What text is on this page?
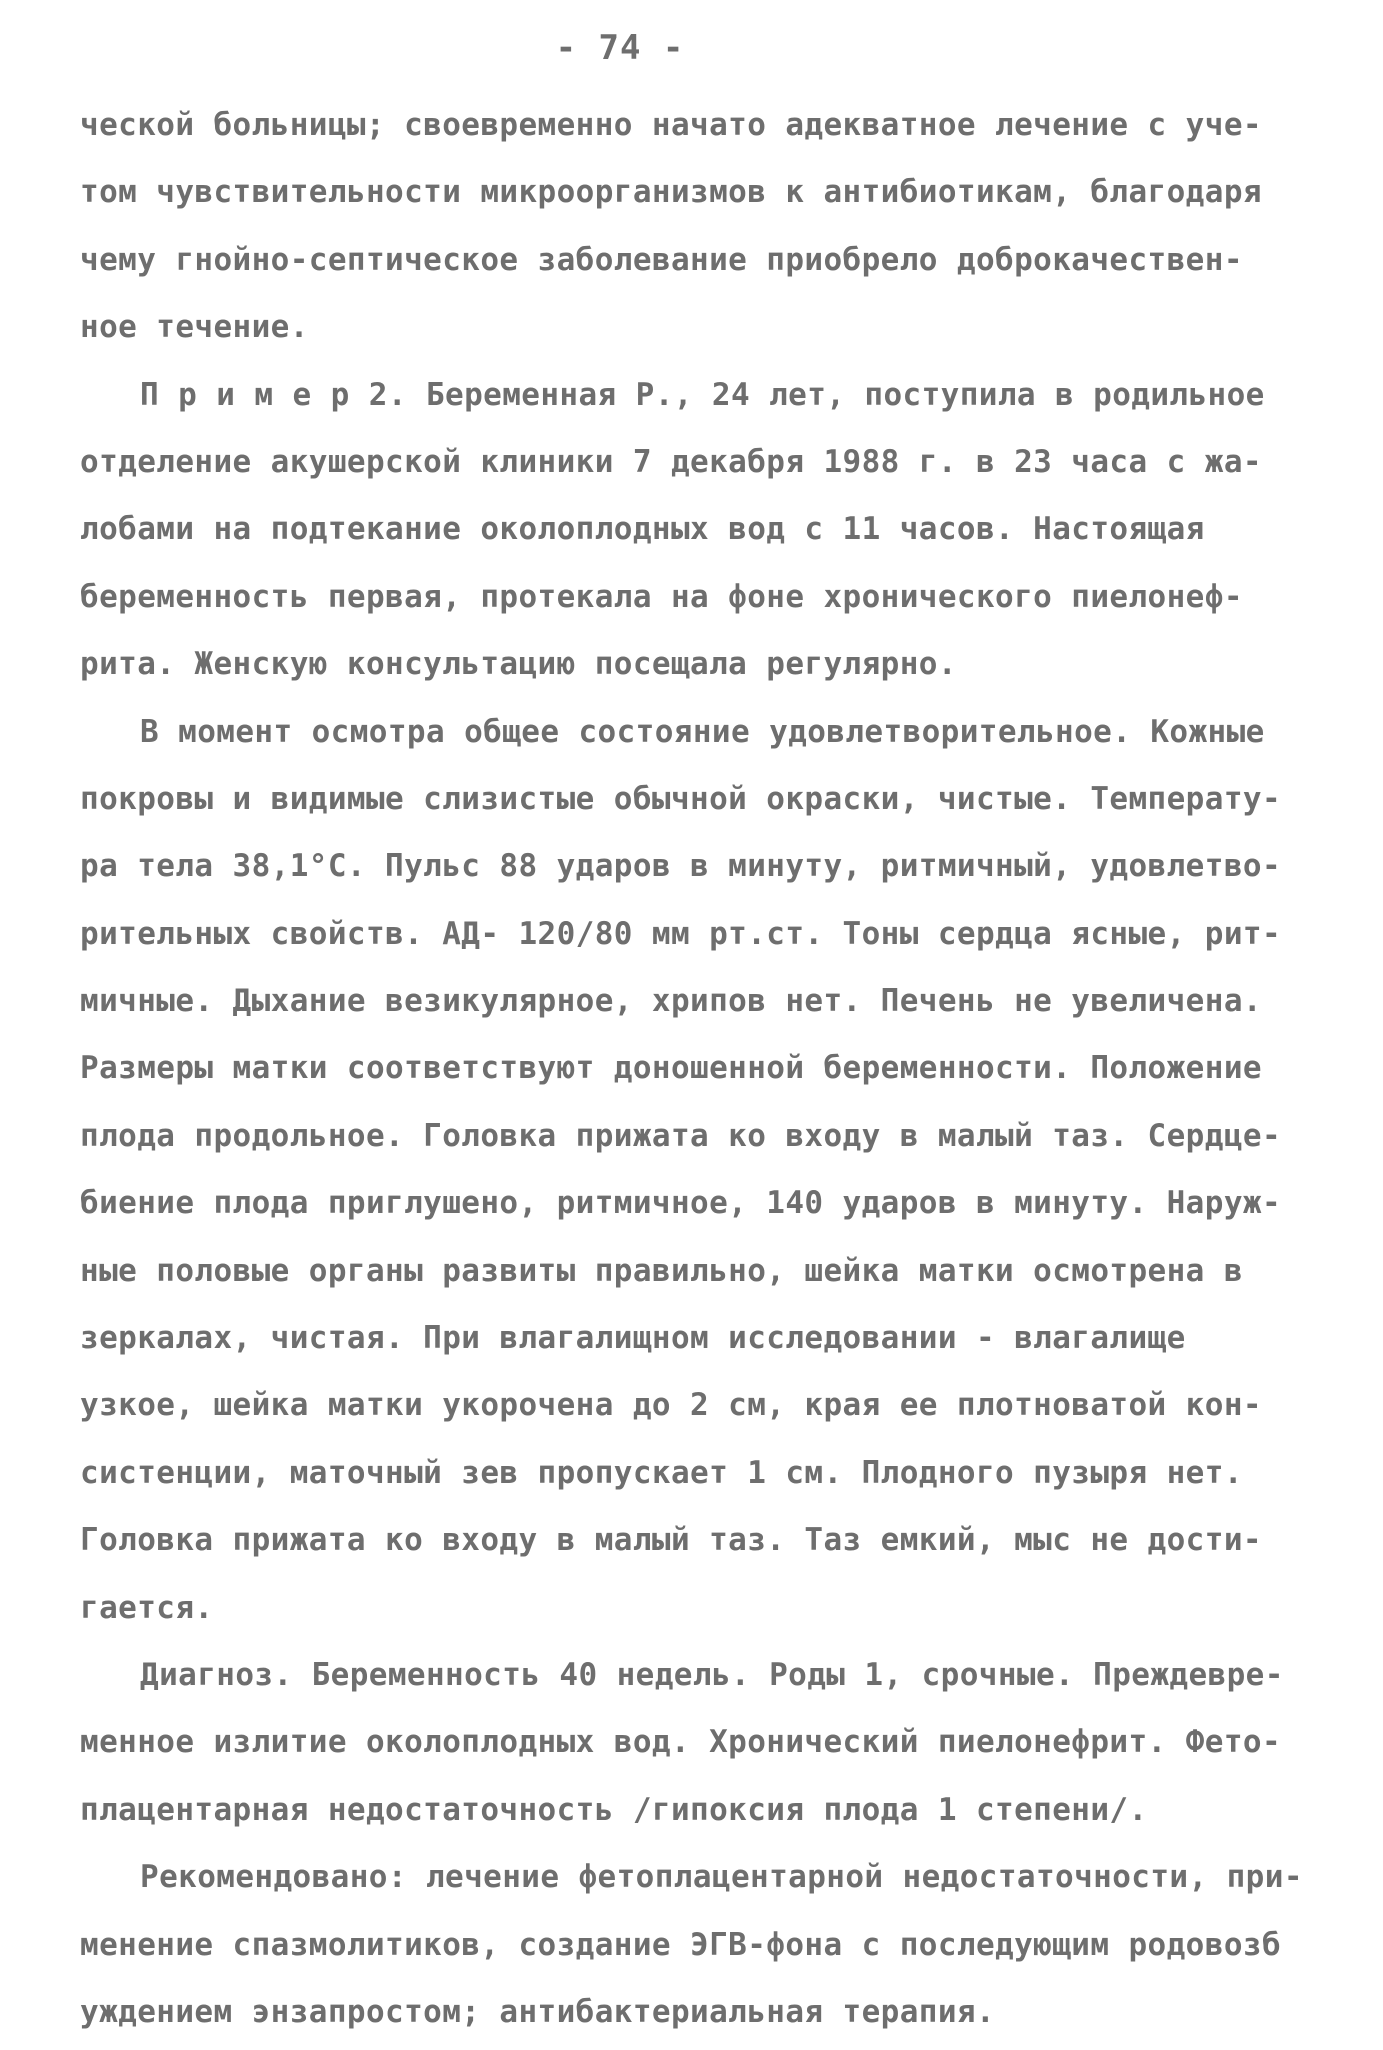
- 74 -
ческой больницы; своевременно начато адекватное лечение с уче-
том чувствительности микроорганизмов к антибиотикам, благодаря
чему гнойно-септическое заболевание приобрело доброкачествен-
ное течение.
П р и м е р 2. Беременная Р., 24 лет, поступила в родильное
отделение акушерской клиники 7 декабря 1988 г. в 23 часа с жа-
лобами на подтекание околоплодных вод с 11 часов. Настоящая
беременность первая, протекала на фоне хронического пиелонеф-
рита. Женскую консультацию посещала регулярно.
В момент осмотра общее состояние удовлетворительное. Кожные
покровы и видимые слизистые обычной окраски, чистые. Температу-
ра тела 38,1°С. Пульс 88 ударов в минуту, ритмичный, удовлетво-
рительных свойств. АД- 120/80 мм рт.ст. Тоны сердца ясные, рит-
мичные. Дыхание везикулярное, хрипов нет. Печень не увеличена.
Размеры матки соответствуют доношенной беременности. Положение
плода продольное. Головка прижата ко входу в малый таз. Сердце-
биение плода приглушено, ритмичное, 140 ударов в минуту. Наруж-
ные половые органы развиты правильно, шейка матки осмотрена в
зеркалах, чистая. При влагалищном исследовании - влагалище
узкое, шейка матки укорочена до 2 см, края ее плотноватой кон-
систенции, маточный зев пропускает 1 см. Плодного пузыря нет.
Головка прижата ко входу в малый таз. Таз емкий, мыс не дости-
гается.
Диагноз. Беременность 40 недель. Роды 1, срочные. Преждевре-
менное излитие околоплодных вод. Хронический пиелонефрит. Фето-
плацентарная недостаточность /гипоксия плода 1 степени/.
Рекомендовано: лечение фетоплацентарной недостаточности, при-
менение спазмолитиков, создание ЭГВ-фона с последующим родовозб
уждением энзапростом; антибактериальная терапия.
